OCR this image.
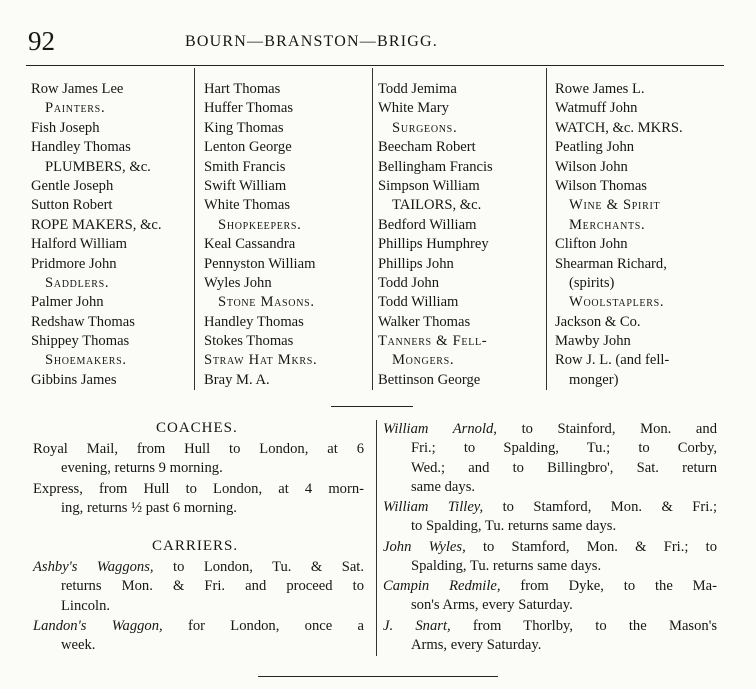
92	BOURN—BRANSTON—BRIGG.
Row James Lee
Painters.
Fish Joseph
Handley Thomas
PLUMBERS, &c.
Gentle Joseph
Sutton Robert
ROPE MAKERS, &c.
Halford William
Pridmore John
Saddlers.
Palmer John
Redshaw Thomas
Shippey Thomas
Shoemakers.
Gibbins James
Hart Thomas
Huffer Thomas
King Thomas
Lenton George
Smith Francis
Swift William
White Thomas
Shopkeepers.
Keal Cassandra
Pennyston William
Wyles John
Stone Masons.
Handley Thomas
Stokes Thomas
Straw Hat Mkrs.
Bray M. A.
Todd Jemima
White Mary
Surgeons.
Beecham Robert
Bellingham Francis
Simpson William
TAILORS, &c.
Bedford William
Phillips Humphrey
Phillips John
Todd John
Todd William
Walker Thomas
Tanners & Fell-
Mongers.
Bettinson George
Rowe James L.
Watmuff John
WATCH, &c. MKRS.
Peatling John
Wilson John
Wilson Thomas
Wine & Spirit
Merchants.
Clifton John
Shearman Richard,
(spirits)
Woolstaplers.
Jackson & Co.
Mawby John
Row J. L. (and fell-
monger)
COACHES.
Royal Mail, from Hull to London, at 6
evening, returns 9 morning.
Express, from Hull to London, at 4 morn-
ing, returns ½ past 6 morning.
CARRIERS.
Ashby's Waggons, to London, Tu. & Sat.
returns Mon. & Fri. and proceed to
Lincoln.
Landon's Waggon, for London, once a
week.
William Arnold, to Stainford, Mon. and
Fri.; to Spalding, Tu.; to Corby,
Wed.; and to Billingbro', Sat. return
same days.
William Tilley, to Stamford, Mon. & Fri.;
to Spalding, Tu. returns same days.
John Wyles, to Stamford, Mon. & Fri.; to
Spalding, Tu. returns same days.
Campin Redmile, from Dyke, to the Ma-
son's Arms, every Saturday.
J. Snart, from Thorlby, to the Mason's
Arms, every Saturday.
